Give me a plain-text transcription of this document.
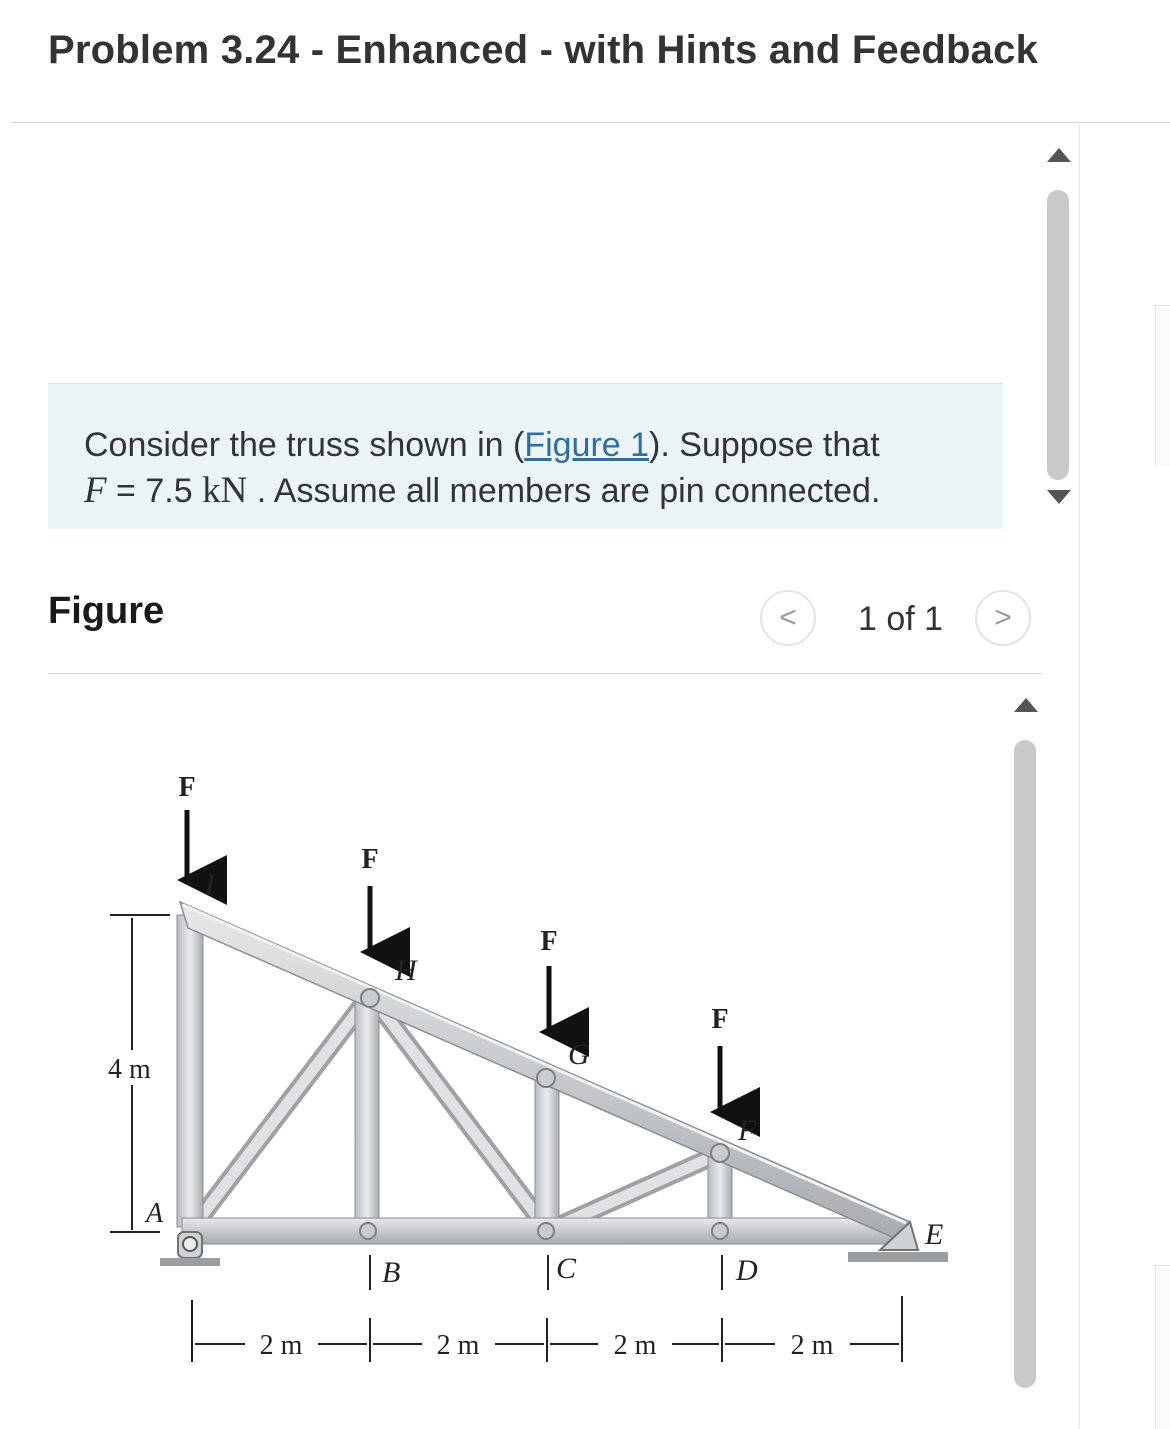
Problem 3.24 - Enhanced - with Hints and Feedback
Consider the truss shown in (Figure 1). Suppose that
F = 7.5 kN . Assume all members are pin connected.
Figure	< 1 of 1 >
F
F
F
F
I
H
G
F
A
B	C	D
E
4 m
2 m	2 m	2 m	2 m
